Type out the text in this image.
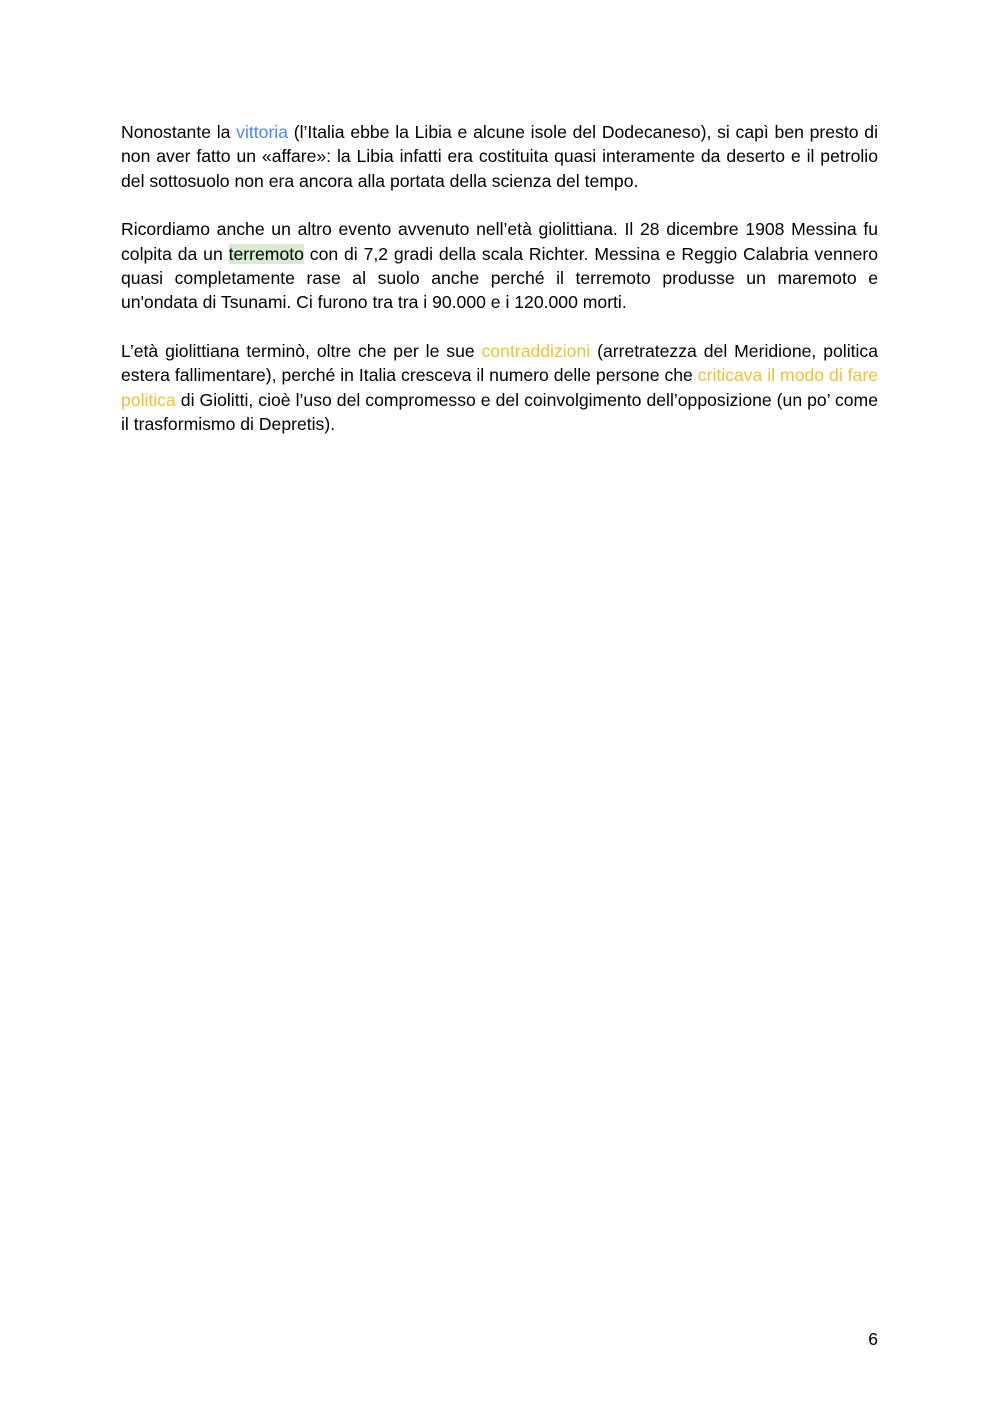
Nonostante la vittoria (l’Italia ebbe la Libia e alcune isole del Dodecaneso), si capì ben presto di non aver fatto un «affare»: la Libia infatti era costituita quasi interamente da deserto e il petrolio del sottosuolo non era ancora alla portata della scienza del tempo.

Ricordiamo anche un altro evento avvenuto nell’età giolittiana. Il 28 dicembre 1908 Messina fu colpita da un terremoto con di 7,2 gradi della scala Richter. Messina e Reggio Calabria vennero quasi completamente rase al suolo anche perché il terremoto produsse un maremoto e un'ondata di Tsunami. Ci furono tra tra i 90.000 e i 120.000 morti.

L’età giolittiana terminò, oltre che per le sue contraddizioni (arretratezza del Meridione, politica estera fallimentare), perché in Italia cresceva il numero delle persone che criticava il modo di fare politica di Giolitti, cioè l’uso del compromesso e del coinvolgimento dell’opposizione (un po’ come il trasformismo di Depretis).

6
